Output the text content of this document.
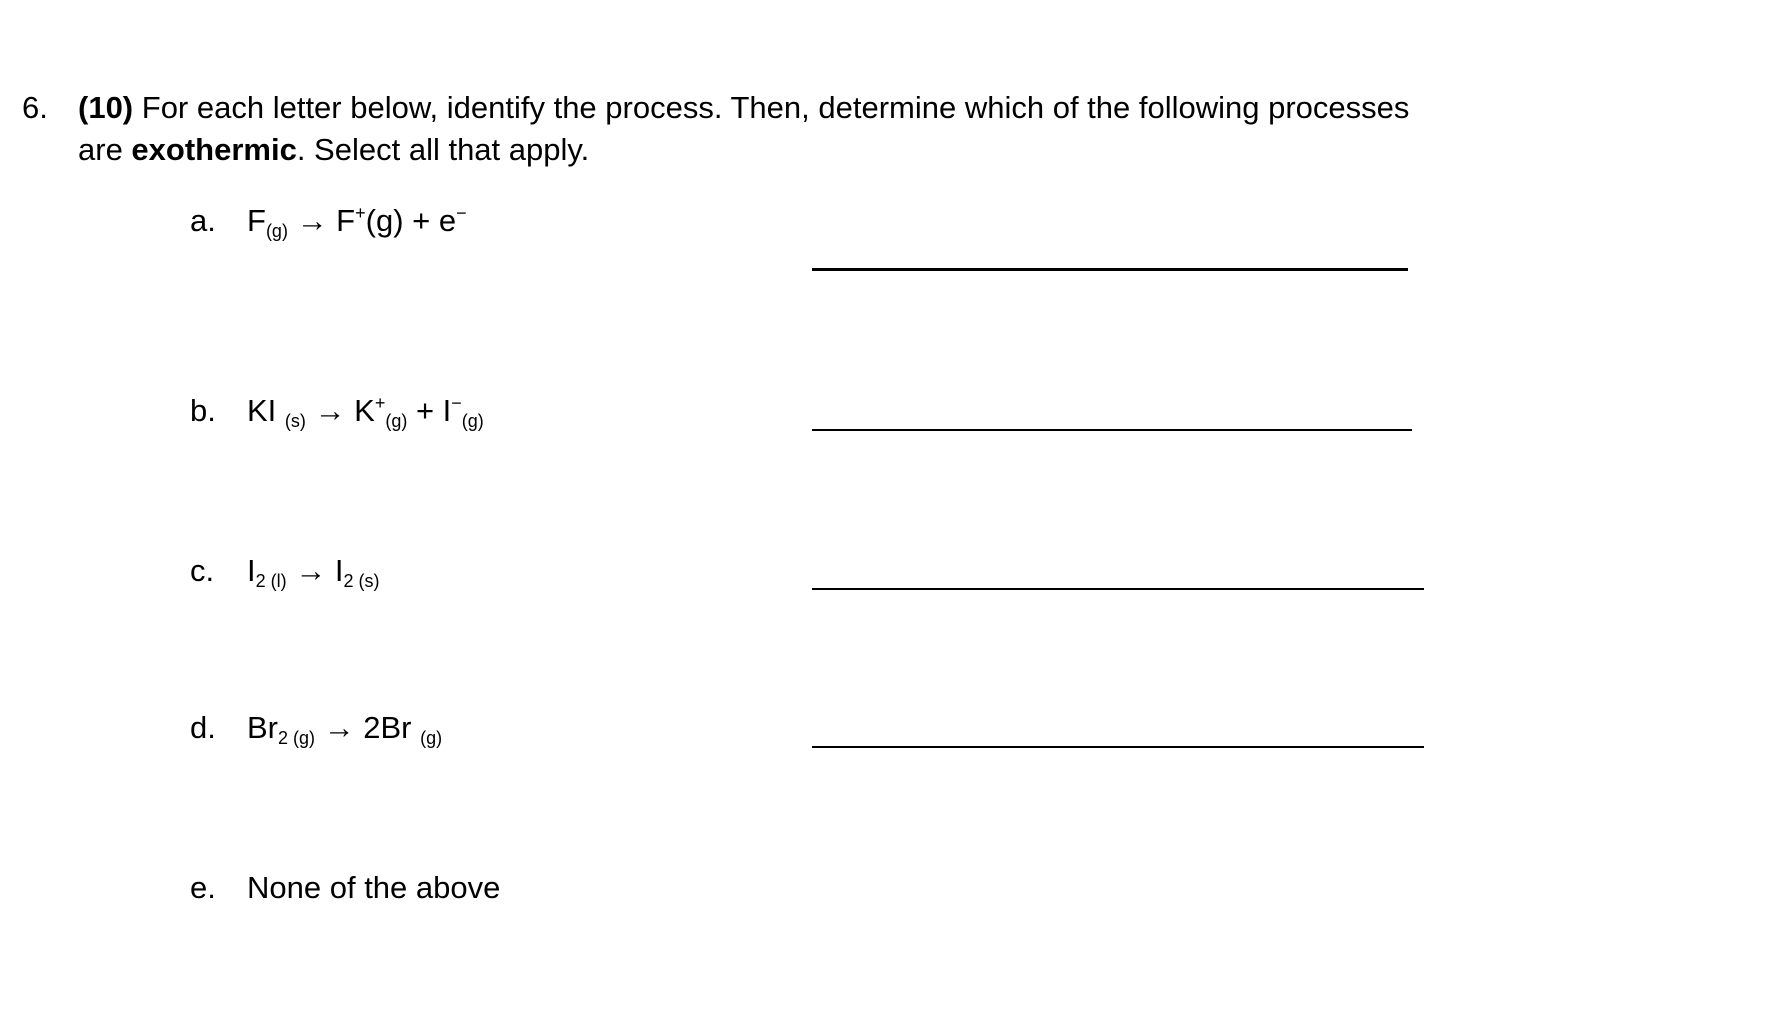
6. (10) For each letter below, identify the process. Then, determine which of the following processes
are exothermic. Select all that apply.
a. $F_{(g)} \to F^+(g) + e^-$
b. KI $_{(s)} \to K^+_{(g)} + I^-_{(g)}$
c. $I_{2 (l)} \to I_{2 (s)}$
d. $Br_{2 (g)} \to 2Br$ $_{(g)}$
e. None of the above
